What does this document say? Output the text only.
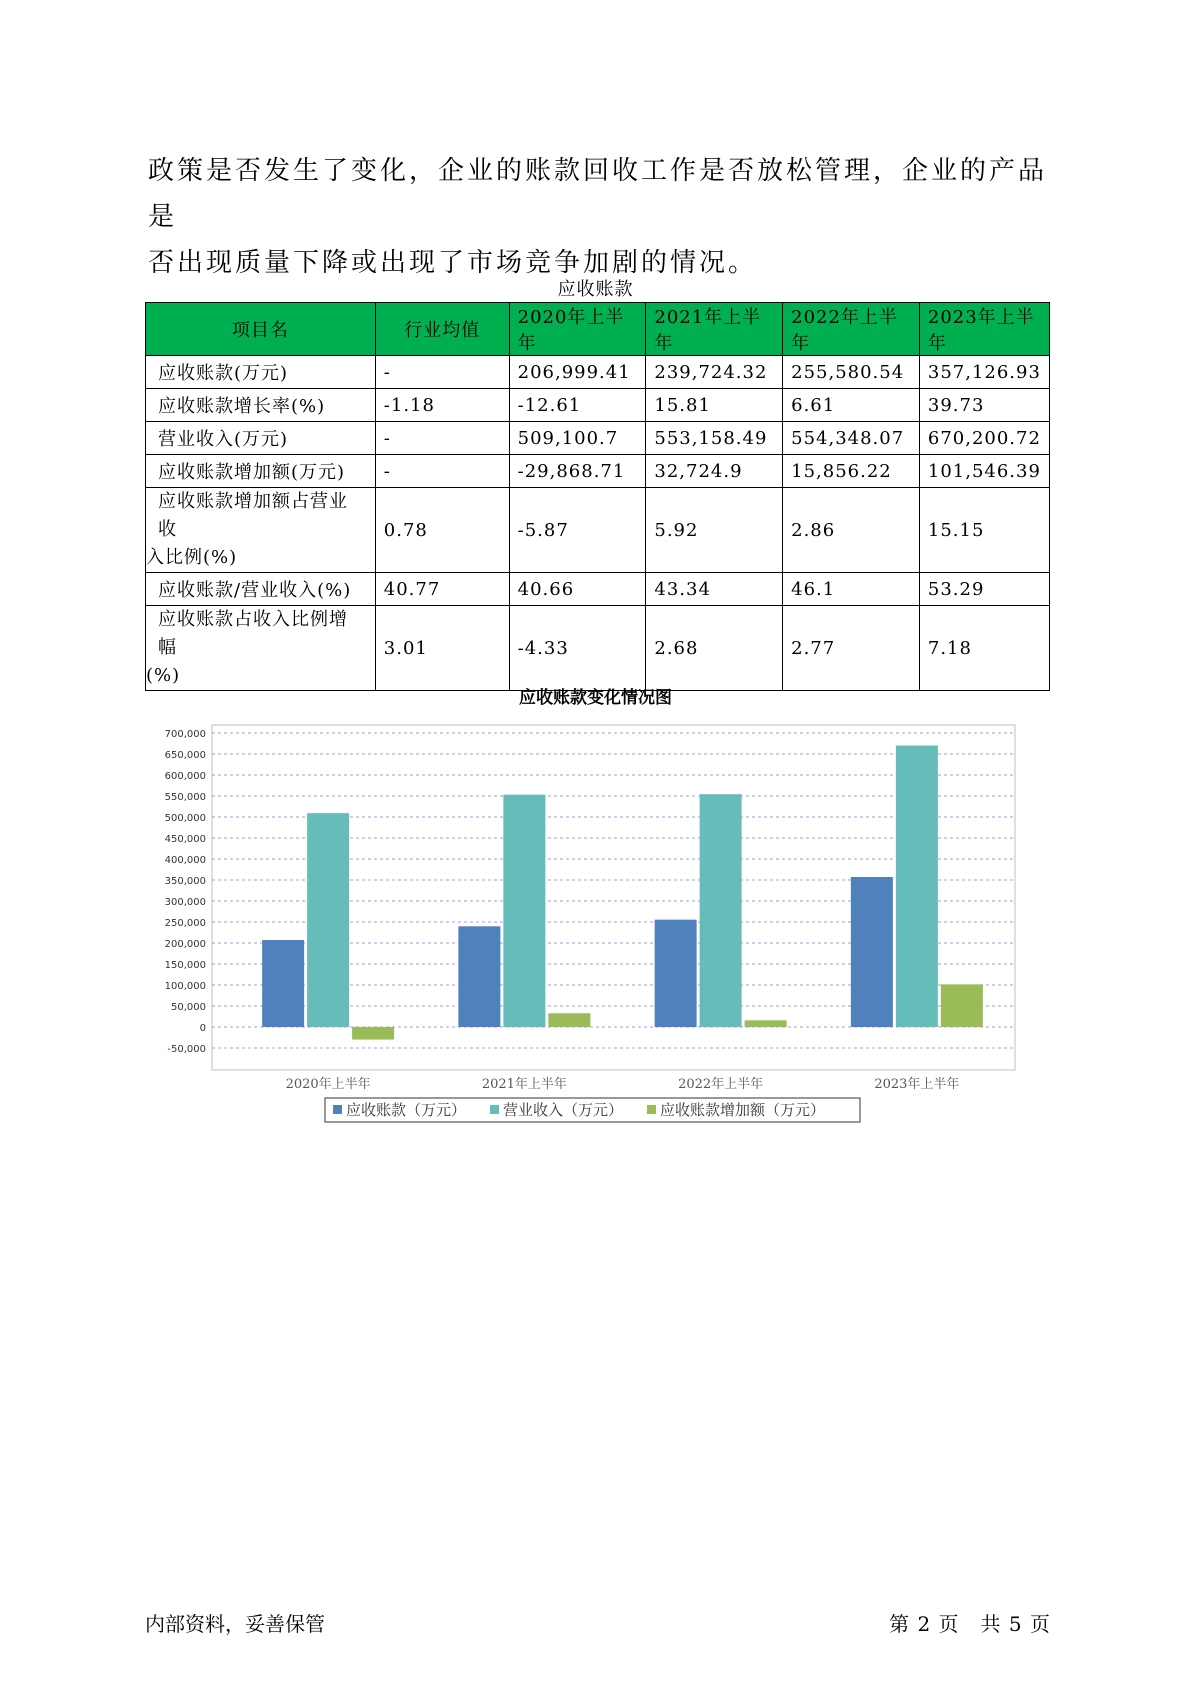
政策是否发生了变化，企业的账款回收工作是否放松管理，企业的产品是

否出现质量下降或出现了市场竞争加剧的情况。

应收账款
项目名	行业均值	2020年上半年	2021年上半年	2022年上半年	2023年上半年
应收账款(万元)	-	206,999.41	239,724.32	255,580.54	357,126.93
应收账款增长率(%)	-1.18	-12.61	15.81	6.61	39.73
营业收入(万元)	-	509,100.7	553,158.49	554,348.07	670,200.72
应收账款增加额(万元)	-	-29,868.71	32,724.9	15,856.22	101,546.39

应收账款增加额占营业收
入比例(%)	0.78	-5.87	5.92	2.86	15.15
应收账款/营业收入(%)	40.77	40.66	43.34	46.1	53.29

应收账款占收入比例增幅
(%)	3.01	-4.33	2.68	2.77	7.18
应收账款变化情况图
-50,000
0
50,000
100,000
150,000
200,000
250,000
300,000
350,000
400,000
450,000
500,000
550,000
600,000
650,000
700,000
2020年上半年	2021年上半年	2022年上半年	2023年上半年
应收账款（万元） 营业收入（万元） 应收账款增加额（万元）
内部资料，妥善保管	第 2 页　共 5 页
